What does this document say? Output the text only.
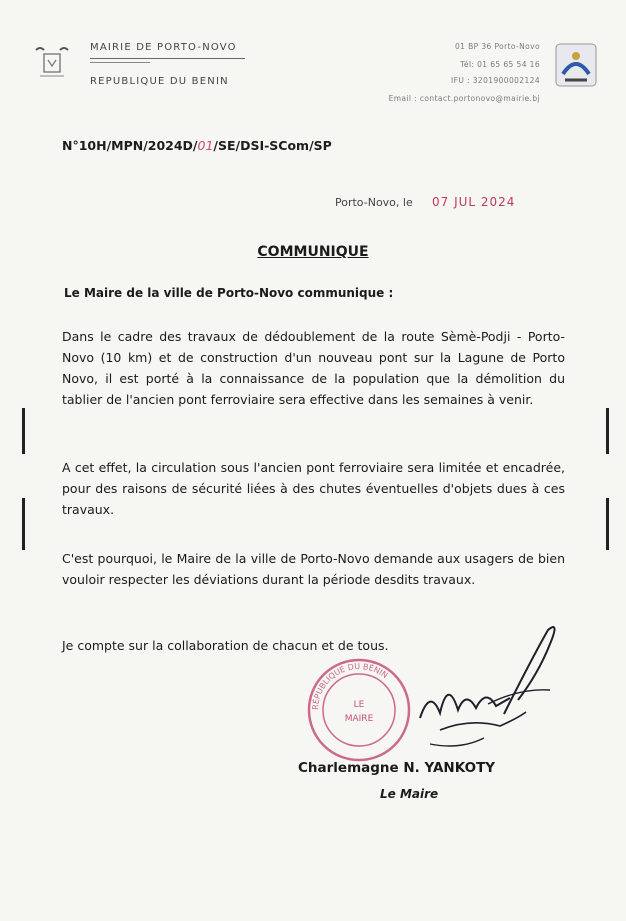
MAIRIE DE PORTO-NOVO
REPUBLIQUE DU BENIN
01 BP 36 Porto-Novo
Tél: 01 65 65 54 16
IFU : 3201900002124
Email : contact.portonovo@mairie.bj
N°10H/MPN/2024D/01/SE/DSI-SCom/SP
Porto-Novo, le 07 JUL 2024
COMMUNIQUE
Le Maire de la ville de Porto-Novo communique :
Dans le cadre des travaux de dédoublement de la route Sèmè-Podji - Porto-Novo (10 km) et de construction d'un nouveau pont sur la Lagune de Porto Novo, il est porté à la connaissance de la population que la démolition du tablier de l'ancien pont ferroviaire sera effective dans les semaines à venir.
A cet effet, la circulation sous l'ancien pont ferroviaire sera limitée et encadrée, pour des raisons de sécurité liées à des chutes éventuelles d'objets dues à ces travaux.
C'est pourquoi, le Maire de la ville de Porto-Novo demande aux usagers de bien vouloir respecter les déviations durant la période desdits travaux.
Je compte sur la collaboration de chacun et de tous.
RÉPUBLIQUE DU BÉNIN
LE
MAIRE
Charlemagne N. YANKOTY
Le Maire
